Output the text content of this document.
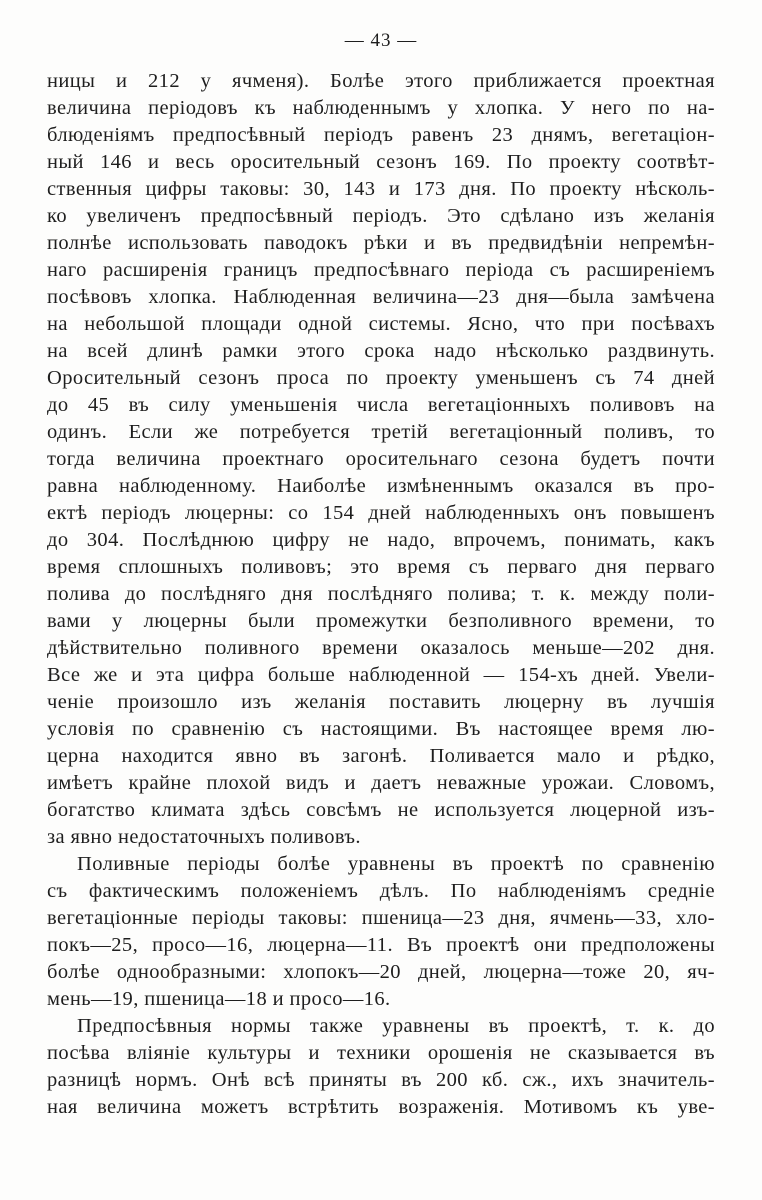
— 43 —
ницы и 212 у ячменя). Болѣе этого приближается проектная
величина періодовъ къ наблюденнымъ у хлопка. У него по на-
блюденіямъ предпосѣвный періодъ равенъ 23 днямъ, вегетаціон-
ный 146 и весь оросительный сезонъ 169. По проекту соотвѣт-
ственныя цифры таковы: 30, 143 и 173 дня. По проекту нѣсколь-
ко увеличенъ предпосѣвный періодъ. Это сдѣлано изъ желанія
полнѣе использовать паводокъ рѣки и въ предвидѣніи непремѣн-
наго расширенія границъ предпосѣвнаго періода съ расширеніемъ
посѣвовъ хлопка. Наблюденная величина—23 дня—была замѣчена
на небольшой площади одной системы. Ясно, что при посѣвахъ
на всей длинѣ рамки этого срока надо нѣсколько раздвинуть.
Оросительный сезонъ проса по проекту уменьшенъ съ 74 дней
до 45 въ силу уменьшенія числа вегетаціонныхъ поливовъ на
одинъ. Если же потребуется третій вегетаціонный поливъ, то
тогда величина проектнаго оросительнаго сезона будетъ почти
равна наблюденному. Наиболѣе измѣненнымъ оказался въ про-
ектѣ періодъ люцерны: со 154 дней наблюденныхъ онъ повышенъ
до 304. Послѣднюю цифру не надо, впрочемъ, понимать, какъ
время сплошныхъ поливовъ; это время съ перваго дня перваго
полива до послѣдняго дня послѣдняго полива; т. к. между поли-
вами у люцерны были промежутки безполивного времени, то
дѣйствительно поливного времени оказалось меньше—202 дня.
Все же и эта цифра больше наблюденной — 154-хъ дней. Увели-
ченіе произошло изъ желанія поставить люцерну въ лучшія
условія по сравненію съ настоящими. Въ настоящее время лю-
церна находится явно въ загонѣ. Поливается мало и рѣдко,
имѣетъ крайне плохой видъ и даетъ неважные урожаи. Словомъ,
богатство климата здѣсь совсѣмъ не используется люцерной изъ-
за явно недостаточныхъ поливовъ.
Поливные періоды болѣе уравнены въ проектѣ по сравненію
съ фактическимъ положеніемъ дѣлъ. По наблюденіямъ средніе
вегетаціонные періоды таковы: пшеница—23 дня, ячмень—33, хло-
покъ—25, просо—16, люцерна—11. Въ проектѣ они предположены
болѣе однообразными: хлопокъ—20 дней, люцерна—тоже 20, яч-
мень—19, пшеница—18 и просо—16.
Предпосѣвныя нормы также уравнены въ проектѣ, т. к. до
посѣва вліяніе культуры и техники орошенія не сказывается въ
разницѣ нормъ. Онѣ всѣ приняты въ 200 кб. сж., ихъ значитель-
ная величина можетъ встрѣтить возраженія. Мотивомъ къ уве-
